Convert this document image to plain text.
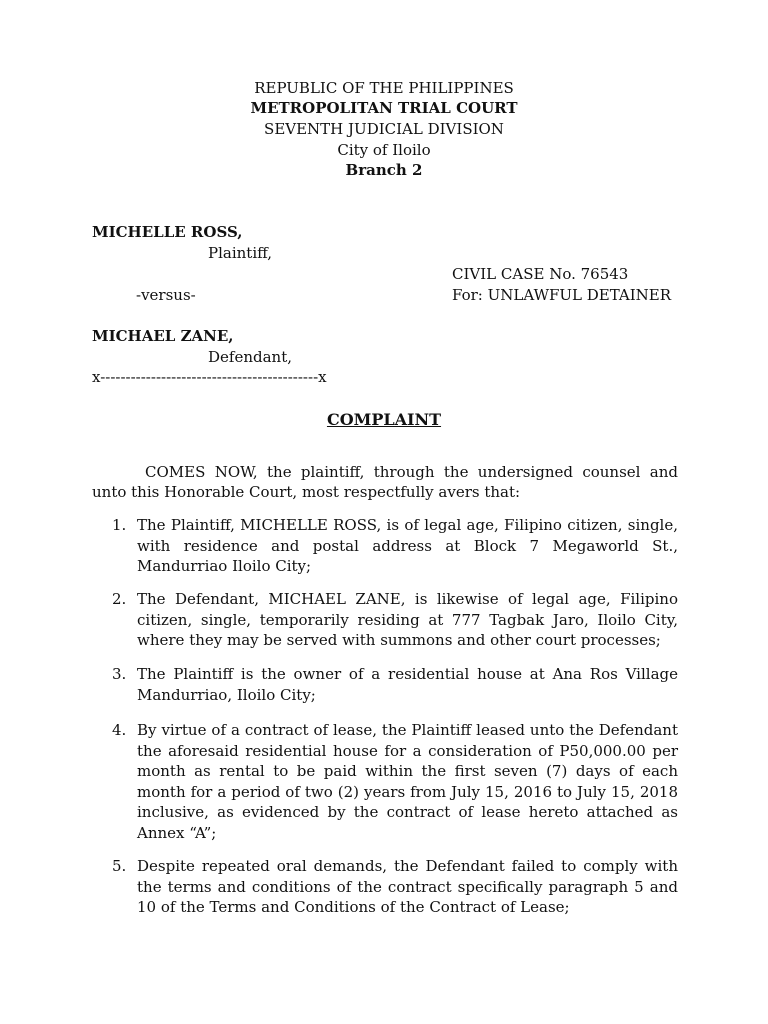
REPUBLIC OF THE PHILIPPINES
METROPOLITAN TRIAL COURT
SEVENTH JUDICIAL DIVISION
City of Iloilo
Branch 2
MICHELLE ROSS,
Plaintiff,
CIVIL CASE No. 76543
-versus-	For: UNLAWFUL DETAINER
MICHAEL ZANE,
Defendant,
x-------------------------------------------x
COMPLAINT
COMES NOW, the plaintiff, through the undersigned counsel and unto this Honorable Court, most respectfully avers that:
1. The Plaintiff, MICHELLE ROSS, is of legal age, Filipino citizen, single, with residence and postal address at Block 7 Megaworld St., Mandurriao Iloilo City;
2. The Defendant, MICHAEL ZANE, is likewise of legal age, Filipino citizen, single, temporarily residing at 777 Tagbak Jaro, Iloilo City, where they may be served with summons and other court processes;
3. The Plaintiff is the owner of a residential house at Ana Ros Village Mandurriao, Iloilo City;
4. By virtue of a contract of lease, the Plaintiff leased unto the Defendant the aforesaid residential house for a consideration of P50,000.00 per month as rental to be paid within the first seven (7) days of each month for a period of two (2) years from July 15, 2016 to July 15, 2018 inclusive, as evidenced by the contract of lease hereto attached as Annex “A”;
5. Despite repeated oral demands, the Defendant failed to comply with the terms and conditions of the contract specifically paragraph 5 and 10 of the Terms and Conditions of the Contract of Lease;
